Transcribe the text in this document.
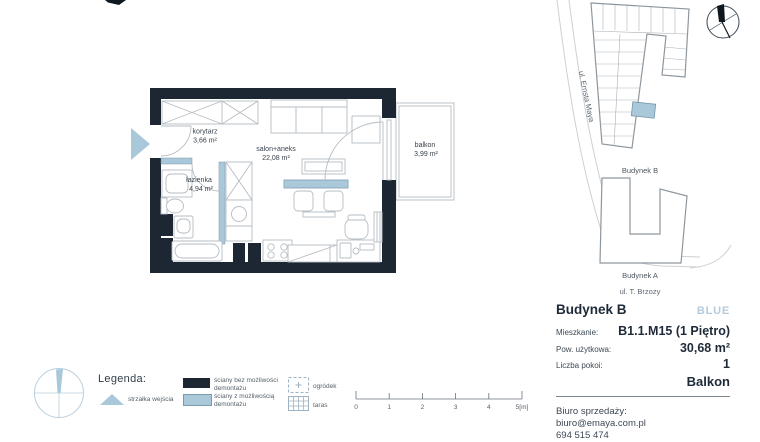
korytarz
3,66 m²
łazienka
4,94 m²
salon+aneks
22,08 m²
balkon
3,99 m²
ul. Ernsta Maya
Budynek B
Budynek A
ul. T. Brzozy
0	1	2	3	4	5[m]
Legenda:
strzałka wejścia
ściany bez możliwości demontażu
ściany z możliwością demontażu
ogródek
taras
Budynek B	BLUE
Mieszkanie: B1.1.M15 (1 Piętro)
Pow. użytkowa:	30,68 m²
Liczba pokoi:	1
Balkon
Biuro sprzedaży:
biuro@emaya.com.pl
694 515 474
